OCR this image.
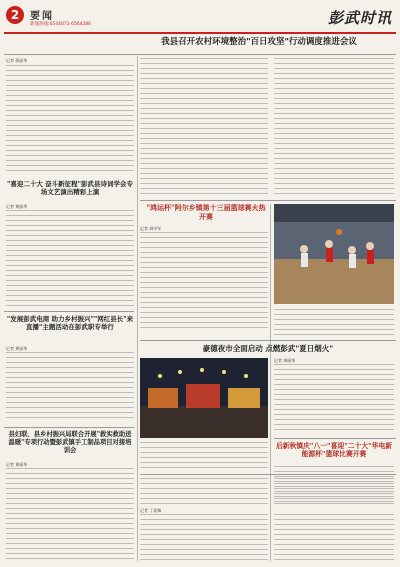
2	要闻
新闻热线:6544073 6564286	彭武时讯
我县召开农村环境整治"百日攻坚"行动调度推进会议
记者 蒋丽华
"喜迎二十大 奋斗新征程"彭武县诗词学会专场文艺演出精彩上演
记者 黄丽华	"鸿运杯"阿尔乡镇第十三届篮球赛火热开赛
记者 胡中军
"发展彭武电商 助力乡村振兴""网红县长"来直播"主题活动在彭武职专举行
记者 黄丽华	豪德夜市全面启动 点燃彭武"夏日烟火"
记者 黄丽华
县妇联、县乡村振兴局联合开展"救实救助送温暖"专项行动暨彭武镇手工制品项目对接培训会
记者 黄丽华
后新秋镇庆"八一"喜迎"二十大"华电新能源杯"篮球比赛开赛
记者 丁爱黎
